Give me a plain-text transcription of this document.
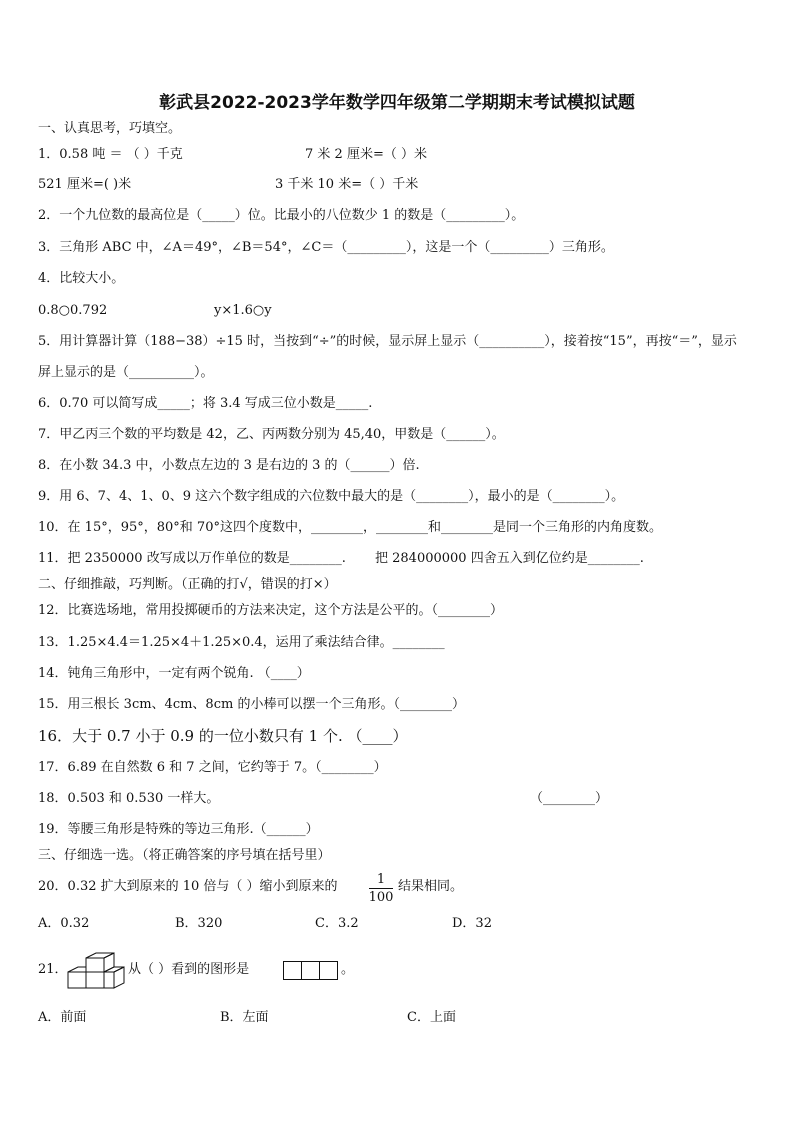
彰武县2022-2023学年数学四年级第二学期期末考试模拟试题
一、认真思考，巧填空。
1．0.58 吨 ＝ （ ）千克	7 米 2 厘米=（ ）米
521 厘米=( )米	3 千米 10 米=（ ）千米
2．一个九位数的最高位是（_____）位。比最小的八位数少 1 的数是（_________）。
3．三角形 ABC 中，∠A＝49°，∠B＝54°，∠C＝（_________），这是一个（_________）三角形。
4．比较大小。
0.8○0.792	y×1.6○y
5．用计算器计算（188−38）÷15 时，当按到“÷”的时候，显示屏上显示（__________），接着按“15”，再按“＝”，显示
屏上显示的是（__________）。
6．0.70 可以简写成_____；将 3.4 写成三位小数是_____.
7．甲乙丙三个数的平均数是 42，乙、丙两数分别为 45,40，甲数是（______）。
8．在小数 34.3 中，小数点左边的 3 是右边的 3 的（______）倍.
9．用 6、7、4、1、0、9 这六个数字组成的六位数中最大的是（________），最小的是（________）。
10．在 15°，95°，80°和 70°这四个度数中，________，________和________是同一个三角形的内角度数。
11．把 2350000 改写成以万作单位的数是________. 把 284000000 四舍五入到亿位约是________.
二、仔细推敲，巧判断。（正确的打√，错误的打×）
12．比赛选场地，常用投掷硬币的方法来决定，这个方法是公平的。（________）
13．1.25×4.4＝1.25×4＋1.25×0.4，运用了乘法结合律。________
14．钝角三角形中，一定有两个锐角. （____）
15．用三根长 3cm、4cm、8cm 的小棒可以摆一个三角形。（________）
16．大于 0.7 小于 0.9 的一位小数只有 1 个. （____）
17．6.89 在自然数 6 和 7 之间，它约等于 7。（________）
18．0.503 和 0.530 一样大。	（________）
19．等腰三角形是特殊的等边三角形.（______）
三、仔细选一选。（将正确答案的序号填在括号里）
20．0.32 扩大到原来的 10 倍与（ ）缩小到原来的	1
100
结果相同。
A．0.32	B．320	C．3.2	D．32
21．	从（ ）看到的图形是	。
A．前面	B．左面	C．上面
